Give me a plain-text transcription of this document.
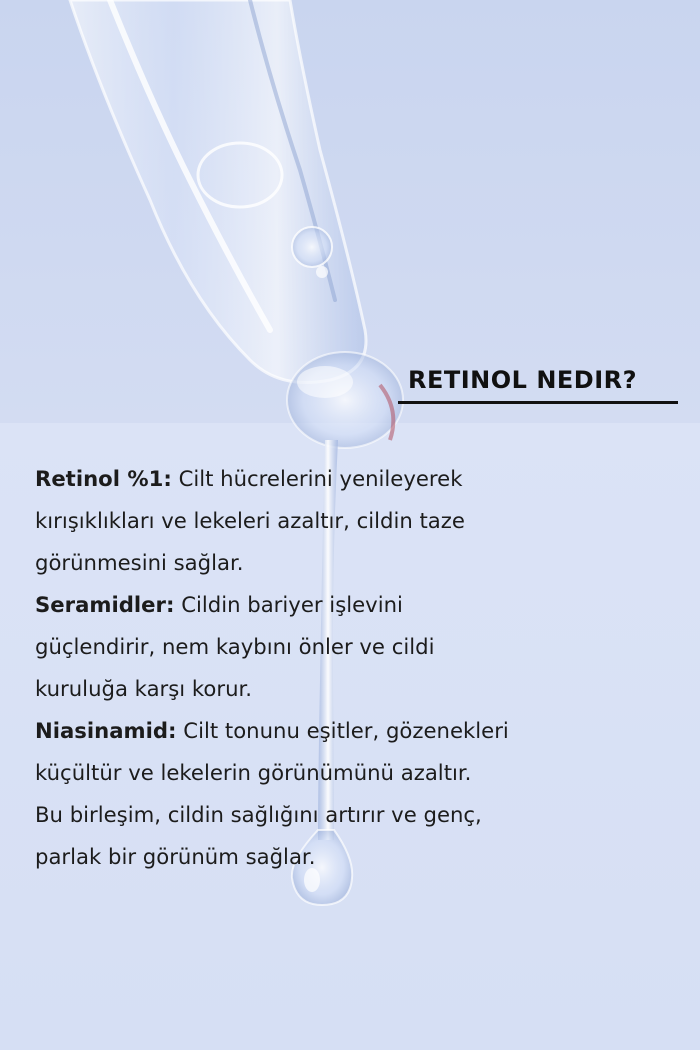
RETINOL NEDIR?
Retinol %1: Cilt hücrelerini yenileyerek
kırışıklıkları ve lekeleri azaltır, cildin taze
görünmesini sağlar.
Seramidler: Cildin bariyer işlevini
güçlendirir, nem kaybını önler ve cildi
kuruluğa karşı korur.
Niasinamid: Cilt tonunu eşitler, gözenekleri
küçültür ve lekelerin görünümünü azaltır.
Bu birleşim, cildin sağlığını artırır ve genç,
parlak bir görünüm sağlar.
